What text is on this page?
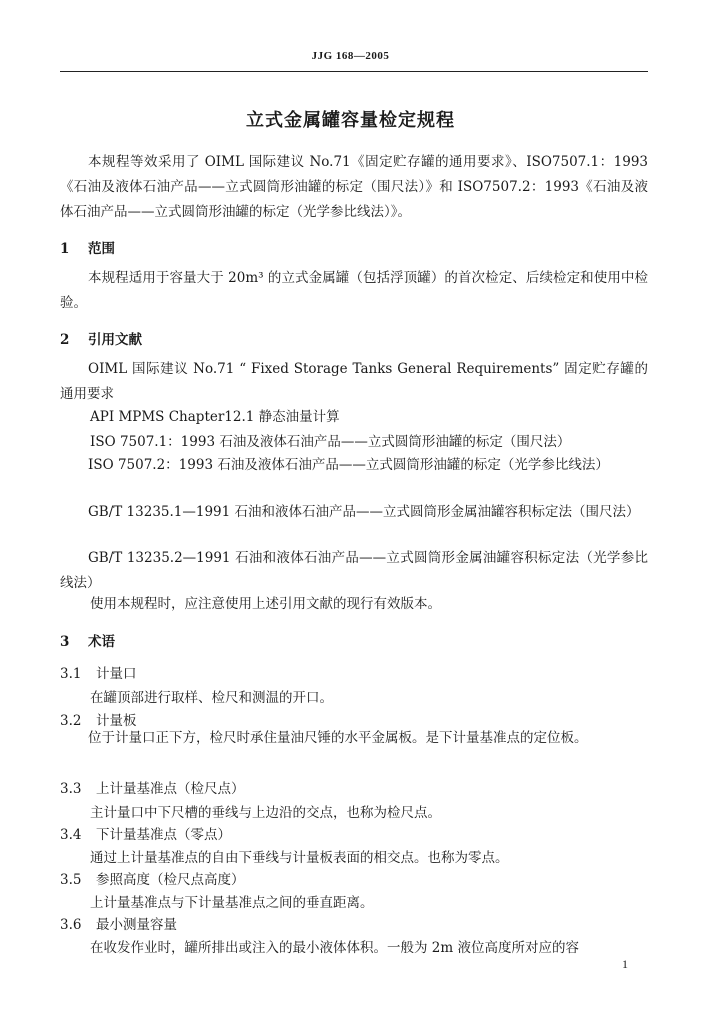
JJG 168—2005
立式金属罐容量检定规程

本规程等效采用了 OIML 国际建议 No.71《固定贮存罐的通用要求》、ISO7507.1：1993《石油及液体石油产品——立式圆筒形油罐的标定（围尺法）》和 ISO7507.2：1993《石油及液体石油产品——立式圆筒形油罐的标定（光学参比线法）》。

1 范围

本规程适用于容量大于 20m³ 的立式金属罐（包括浮顶罐）的首次检定、后续检定和使用中检验。

2 引用文献

OIML 国际建议 No.71 “ Fixed Storage Tanks General Requirements” 固定贮存罐的通用要求

API MPMS Chapter12.1 静态油量计算
ISO 7507.1：1993 石油及液体石油产品——立式圆筒形油罐的标定（围尺法）

ISO 7507.2：1993 石油及液体石油产品——立式圆筒形油罐的标定（光学参比线法）

GB/T 13235.1—1991 石油和液体石油产品——立式圆筒形金属油罐容积标定法（围尺法）

GB/T 13235.2—1991 石油和液体石油产品——立式圆筒形金属油罐容积标定法（光学参比线法）

使用本规程时，应注意使用上述引用文献的现行有效版本。
3 术语
3.1 计量口
在罐顶部进行取样、检尺和测温的开口。
3.2 计量板

位于计量口正下方，检尺时承住量油尺锤的水平金属板。是下计量基准点的定位板。

3.3 上计量基准点（检尺点）
主计量口中下尺槽的垂线与上边沿的交点，也称为检尺点。
3.4 下计量基准点（零点）
通过上计量基准点的自由下垂线与计量板表面的相交点。也称为零点。
3.5 参照高度（检尺点高度）
上计量基准点与下计量基准点之间的垂直距离。
3.6 最小测量容量
在收发作业时，罐所排出或注入的最小液体体积。一般为 2m 液位高度所对应的容
1
